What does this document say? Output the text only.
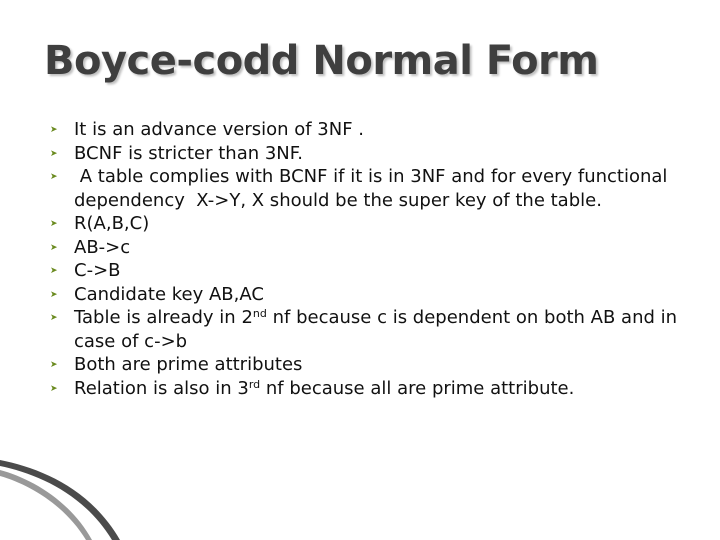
Boyce-codd Normal Form
➤ It is an advance version of 3NF .
➤ BCNF is stricter than 3NF.
➤ A table complies with BCNF if it is in 3NF and for every functional dependency  X->Y, X should be the super key of the table.
➤ R(A,B,C)
➤ AB->c
➤ C->B
➤ Candidate key AB,AC
➤ Table is already in 2nd nf because c is dependent on both AB and in case of c->b
➤ Both are prime attributes
➤ Relation is also in 3rd nf because all are prime attribute.
